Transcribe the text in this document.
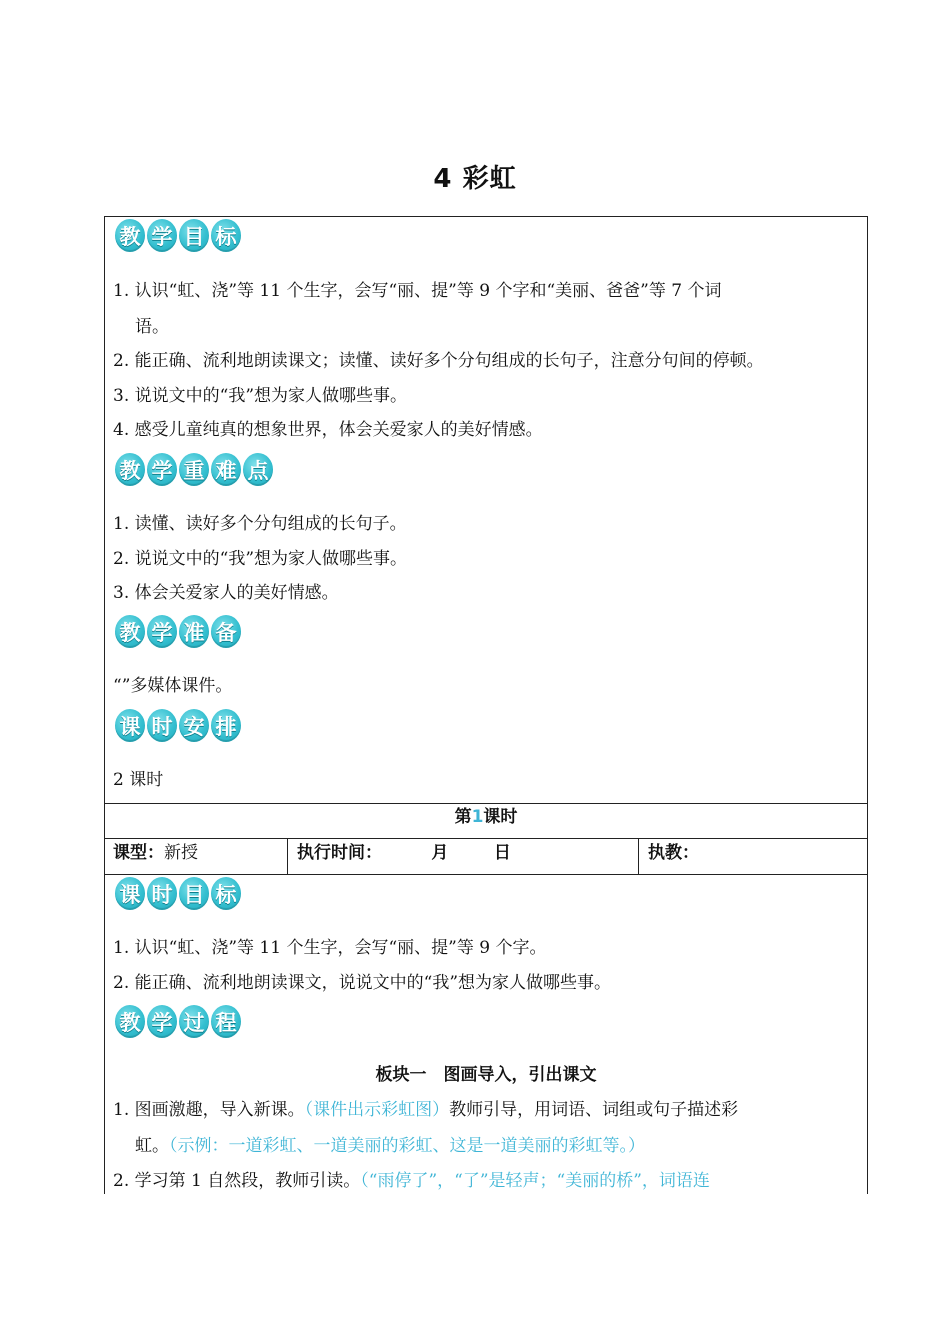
4 彩虹
教 学 目 标
1. 认识“虹、浇”等 11 个生字，会写“丽、提”等 9 个字和“美丽、爸爸”等 7 个词
语。
2. 能正确、流利地朗读课文；读懂、读好多个分句组成的长句子，注意分句间的停顿。
3. 说说文中的“我”想为家人做哪些事。
4. 感受儿童纯真的想象世界，体会关爱家人的美好情感。
教 学 重 难 点
1. 读懂、读好多个分句组成的长句子。
2. 说说文中的“我”想为家人做哪些事。
3. 体会关爱家人的美好情感。
教 学 准 备
“”多媒体课件。
课 时 安 排
2 课时
第1课时
课型：新授	执行时间：	月	日	执教：
课 时 目 标
1. 认识“虹、浇”等 11 个生字，会写“丽、提”等 9 个字。
2. 能正确、流利地朗读课文，说说文中的“我”想为家人做哪些事。
教 学 过 程
板块一　图画导入，引出课文
1. 图画激趣，导入新课。（课件出示彩虹图）教师引导，用词语、词组或句子描述彩
虹。（示例：一道彩虹、一道美丽的彩虹、这是一道美丽的彩虹等。）
2. 学习第 1 自然段，教师引读。（“雨停了”，“了”是轻声；“美丽的桥”，词语连
